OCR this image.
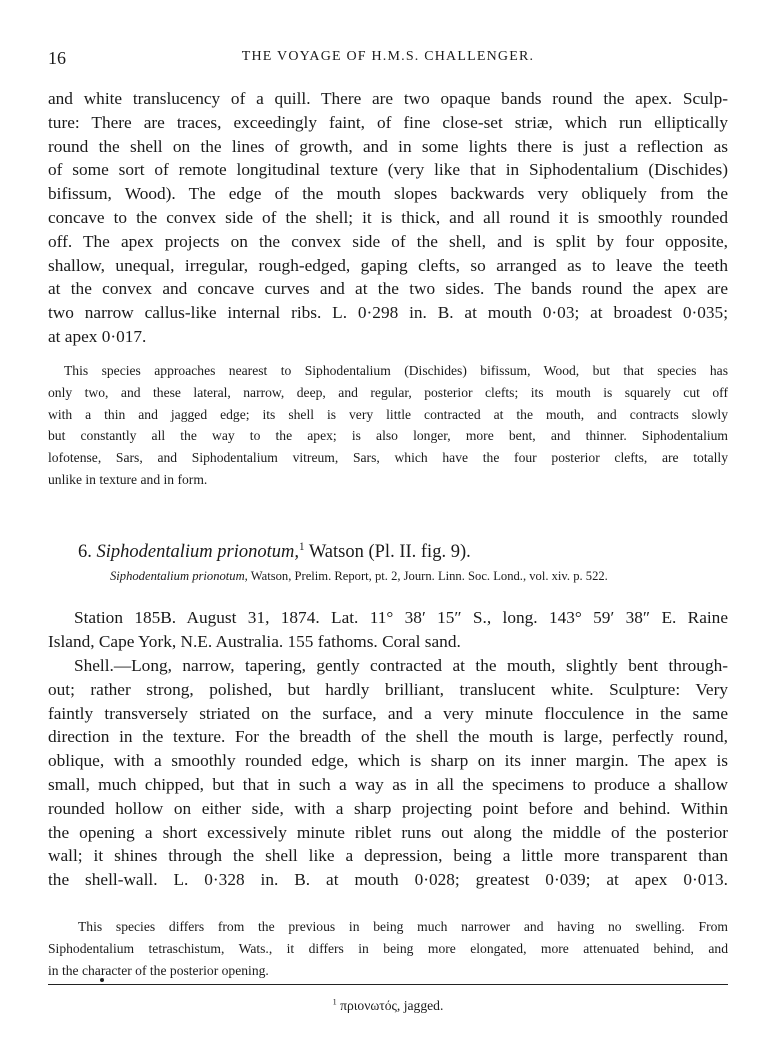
16	THE VOYAGE OF H.M.S. CHALLENGER.
and white translucency of a quill. There are two opaque bands round the apex. Sculp-
ture: There are traces, exceedingly faint, of fine close-set striæ, which run elliptically
round the shell on the lines of growth, and in some lights there is just a reflection as
of some sort of remote longitudinal texture (very like that in Siphodentalium (Dischides)
bifissum, Wood). The edge of the mouth slopes backwards very obliquely from the
concave to the convex side of the shell; it is thick, and all round it is smoothly rounded
off. The apex projects on the convex side of the shell, and is split by four opposite,
shallow, unequal, irregular, rough-edged, gaping clefts, so arranged as to leave the teeth
at the convex and concave curves and at the two sides. The bands round the apex are
two narrow callus-like internal ribs. L. 0·298 in. B. at mouth 0·03; at broadest 0·035;
at apex 0·017.
This species approaches nearest to Siphodentalium (Dischides) bifissum, Wood, but that species has
only two, and these lateral, narrow, deep, and regular, posterior clefts; its mouth is squarely cut off
with a thin and jagged edge; its shell is very little contracted at the mouth, and contracts slowly
but constantly all the way to the apex; is also longer, more bent, and thinner. Siphodentalium
lofotense, Sars, and Siphodentalium vitreum, Sars, which have the four posterior clefts, are totally
unlike in texture and in form.
6. Siphodentalium prionotum,$^1$ Watson (Pl. II. fig. 9).
Siphodentalium prionotum, Watson, Prelim. Report, pt. 2, Journ. Linn. Soc. Lond., vol. xiv. p. 522.
Station 185B. August 31, 1874. Lat. 11° 38′ 15″ S., long. 143° 59′ 38″ E. Raine
Island, Cape York, N.E. Australia. 155 fathoms. Coral sand.
Shell.—Long, narrow, tapering, gently contracted at the mouth, slightly bent through-
out; rather strong, polished, but hardly brilliant, translucent white. Sculpture: Very
faintly transversely striated on the surface, and a very minute flocculence in the same
direction in the texture. For the breadth of the shell the mouth is large, perfectly round,
oblique, with a smoothly rounded edge, which is sharp on its inner margin. The apex is
small, much chipped, but that in such a way as in all the specimens to produce a shallow
rounded hollow on either side, with a sharp projecting point before and behind. Within
the opening a short excessively minute riblet runs out along the middle of the posterior
wall; it shines through the shell like a depression, being a little more transparent than
the shell-wall. L. 0·328 in. B. at mouth 0·028; greatest 0·039; at apex 0·013.
This species differs from the previous in being much narrower and having no swelling. From
Siphodentalium tetraschistum, Wats., it differs in being more elongated, more attenuated behind, and
in the character of the posterior opening.
$^1$ πριονωτός, jagged.
